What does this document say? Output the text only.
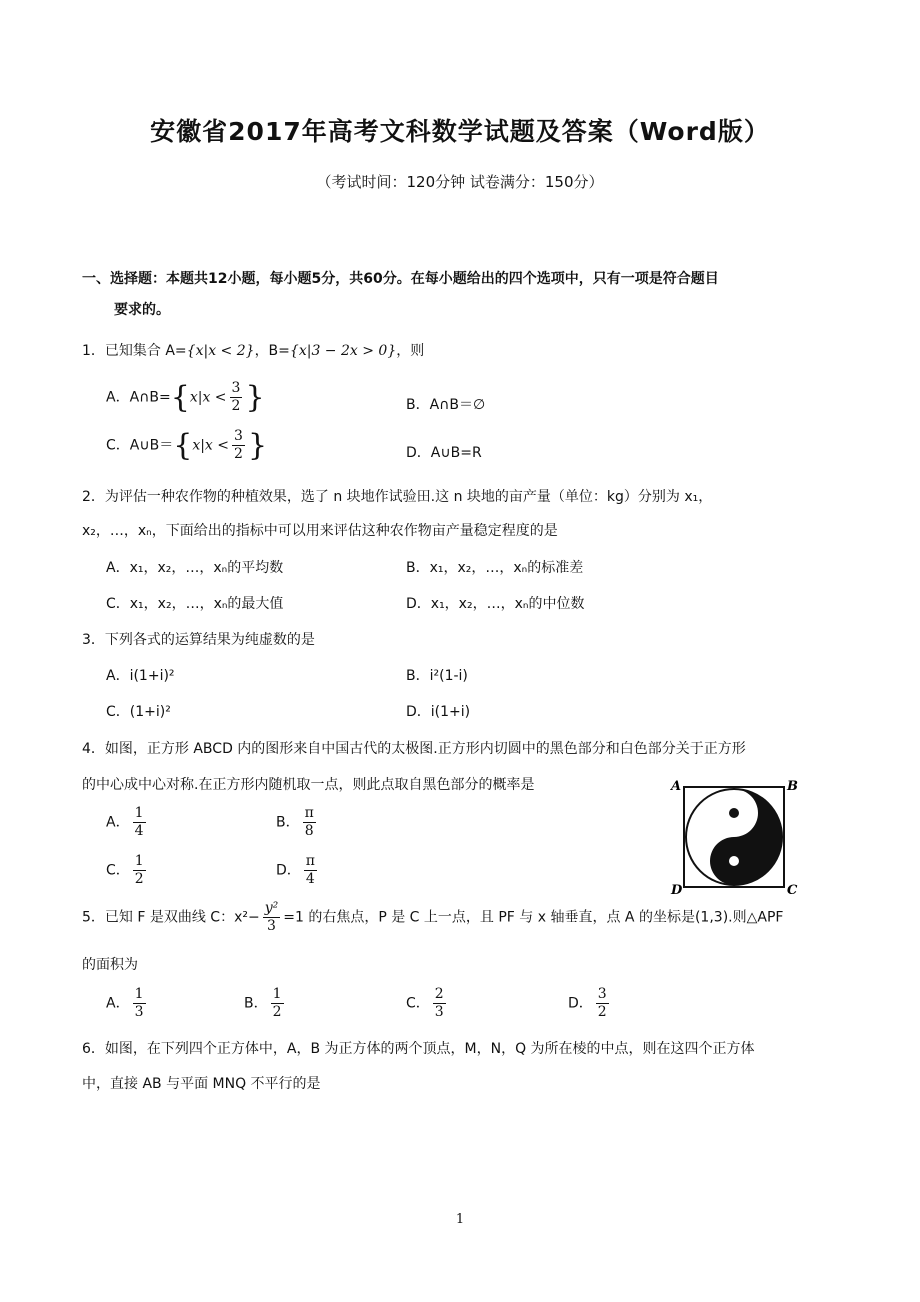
安徽省2017年高考文科数学试题及答案（Word版）
（考试时间：120分钟 试卷满分：150分）
一、选择题：本题共12小题，每小题5分，共60分。在每小题给出的四个选项中，只有一项是符合题目
要求的。
1．已知集合 A={x|x < 2}，B={x|3 − 2x > 0}，则
A．A∩B={x|x < $\frac{3}{2}$ }	B．A∩B＝∅
C．A∪B＝{x|x < $\frac{3}{2}$ }	D．A∪B=R
2．为评估一种农作物的种植效果，选了 n 块地作试验田.这 n 块地的亩产量（单位：kg）分别为 x₁，
x₂，…，xₙ，下面给出的指标中可以用来评估这种农作物亩产量稳定程度的是
A．x₁，x₂，…，xₙ的平均数	B．x₁，x₂，…，xₙ的标准差
C．x₁，x₂，…，xₙ的最大值	D．x₁，x₂，…，xₙ的中位数
3．下列各式的运算结果为纯虚数的是
A．i(1+i)²	B．i²(1-i)
C．(1+i)²	D．i(1+i)
4．如图，正方形 ABCD 内的图形来自中国古代的太极图.正方形内切圆中的黑色部分和白色部分关于正方形
的中心成中心对称.在正方形内随机取一点，则此点取自黑色部分的概率是
A． $\frac{1}{4}$	B． $\frac{\pi}{8}$
C． $\frac{1}{2}$	D． $\frac{\pi}{4}$
A	B
C
D
5．已知 F 是双曲线 C：$x^2- \frac{\text{y²}}{3} =1$ 的右焦点，P 是 C 上一点，且 PF 与 x 轴垂直，点 A 的坐标是(1,3).则△APF
的面积为
A． $\frac{1}{3}$	B． $\frac{1}{2}$	C． $\frac{2}{3}$	D． $\frac{3}{2}$
6．如图，在下列四个正方体中，A，B 为正方体的两个顶点，M，N，Q 为所在棱的中点，则在这四个正方体
中，直接 AB 与平面 MNQ 不平行的是
1
